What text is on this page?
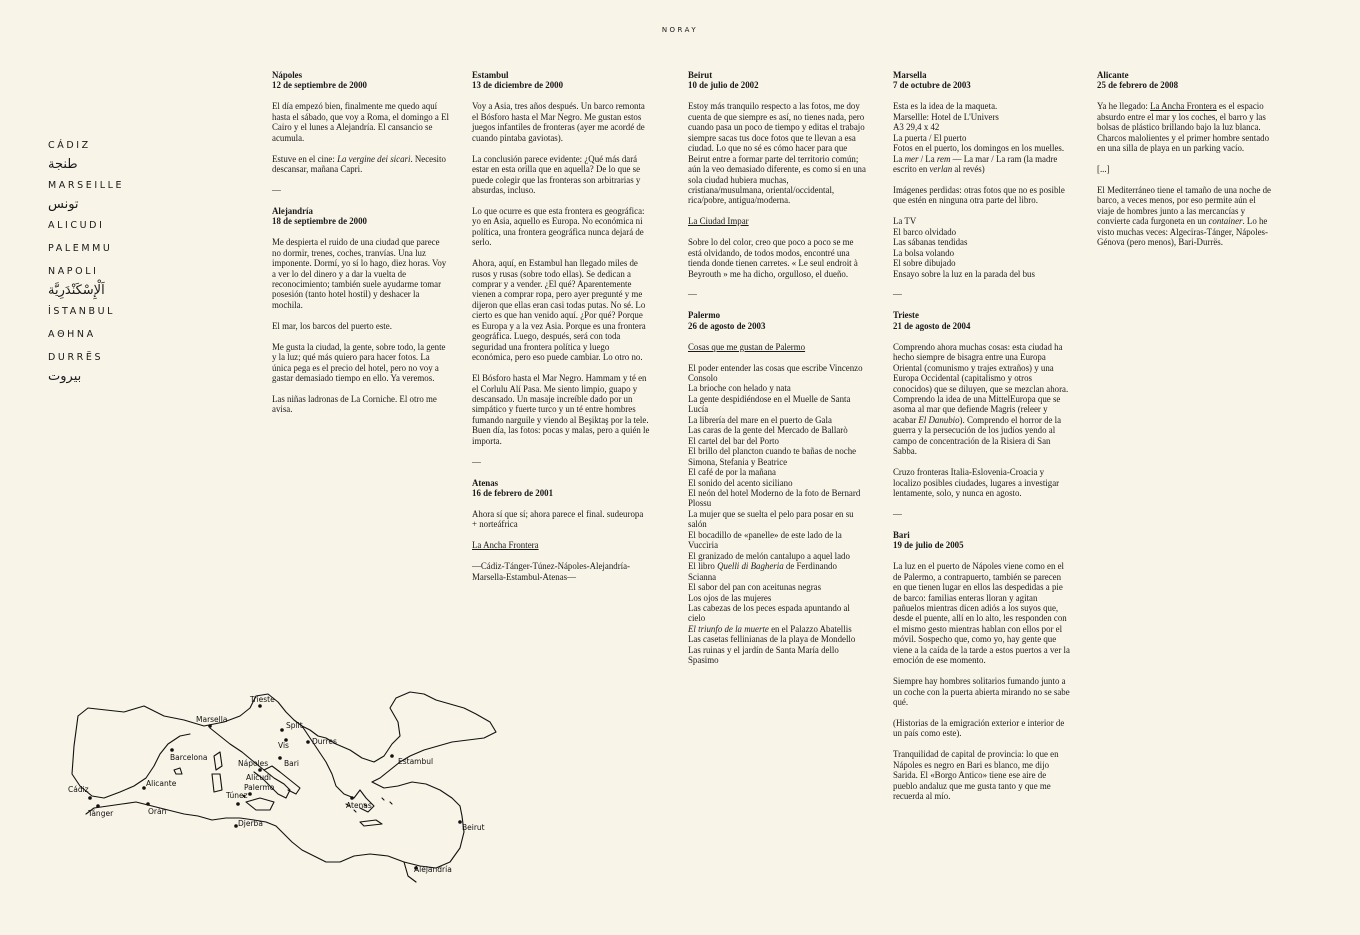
NORAY
CÁDIZ
طنجة
MARSEILLE
تونس
ALICUDI
PALEMMU
NAPOLI
اَلْإِسْكَنْدَرِيَّة
İSTANBUL
ΑΘΗΝΑ
DURRËS
بيروت
Nápoles

12 de septiembre de 2000

El día empezó bien, finalmente me quedo aquí hasta el sábado, que voy a Roma, el domingo a El Cairo y el lunes a Alejandría. El cansancio se acumula.

Estuve en el cine: La vergine dei sicari. Necesito descansar, mañana Capri.

—

Alejandría

18 de septiembre de 2000

Me despierta el ruido de una ciudad que parece no dormir, trenes, coches, tranvías. Una luz imponente. Dormí, yo sí lo hago, diez horas. Voy a ver lo del dinero y a dar la vuelta de reconocimiento; también suele ayudarme tomar posesión (tanto hotel hostil) y deshacer la mochila.

El mar, los barcos del puerto este.

Me gusta la ciudad, la gente, sobre todo, la gente y la luz; qué más quiero para hacer fotos. La única pega es el precio del hotel, pero no voy a gastar demasiado tiempo en ello. Ya veremos.

Las niñas ladronas de La Corniche. El otro me avisa.

Estambul

13 de diciembre de 2000

Voy a Asia, tres años después. Un barco remonta el Bósforo hasta el Mar Negro. Me gustan estos juegos infantiles de fronteras (ayer me acordé de cuando pintaba gaviotas).

La conclusión parece evidente: ¿Qué más dará estar en esta orilla que en aquella? De lo que se puede colegir que las fronteras son arbitrarias y absurdas, incluso.

Lo que ocurre es que esta frontera es geográfica: yo en Asia, aquello es Europa. No económica ni política, una frontera geográfica nunca dejará de serlo.

Ahora, aquí, en Estambul han llegado miles de rusos y rusas (sobre todo ellas). Se dedican a comprar y a vender. ¿El qué? Aparentemente vienen a comprar ropa, pero ayer pregunté y me dijeron que ellas eran casi todas putas. No sé. Lo cierto es que han venido aquí. ¿Por qué? Porque es Europa y a la vez Asia. Porque es una frontera geográfica. Luego, después, será con toda seguridad una frontera política y luego económica, pero eso puede cambiar. Lo otro no.

El Bósforo hasta el Mar Negro. Hammam y té en el Corlulu Alí Pasa. Me siento limpio, guapo y descansado. Un masaje increíble dado por un simpático y fuerte turco y un té entre hombres fumando narguile y viendo al Beşiktaş por la tele. Buen día, las fotos: pocas y malas, pero a quién le importa.

—

Atenas

16 de febrero de 2001

Ahora sí que sí; ahora parece el final. sudeuropa + norteáfrica

La Ancha Frontera

—Cádiz-Tánger-Túnez-Nápoles-Alejandría-Marsella-Estambul-Atenas—

Beirut

10 de julio de 2002

Estoy más tranquilo respecto a las fotos, me doy cuenta de que siempre es así, no tienes nada, pero cuando pasa un poco de tiempo y editas el trabajo siempre sacas tus doce fotos que te llevan a esa ciudad. Lo que no sé es cómo hacer para que Beirut entre a formar parte del territorio común; aún la veo demasiado diferente, es como si en una sola ciudad hubiera muchas, cristiana/musulmana, oriental/occidental, rica/pobre, antigua/moderna.

La Ciudad Impar

Sobre lo del color, creo que poco a poco se me está olvidando, de todos modos, encontré una tienda donde tienen carretes. « Le seul endroit à Beyrouth » me ha dicho, orgulloso, el dueño.

—

Palermo

26 de agosto de 2003

Cosas que me gustan de Palermo

El poder entender las cosas que escribe Vincenzo Consolo
La brioche con helado y nata
La gente despidiéndose en el Muelle de Santa Lucía
La librería del mare en el puerto de Gala
Las caras de la gente del Mercado de Ballarò
El cartel del bar del Porto
El brillo del plancton cuando te bañas de noche
Simona, Stefania y Beatrice
El café de por la mañana
El sonido del acento siciliano
El neón del hotel Moderno de la foto de Bernard Plossu
La mujer que se suelta el pelo para posar en su salón
El bocadillo de «panelle» de este lado de la Vuccìria
El granizado de melón cantalupo a aquel lado
El libro Quelli di Bagheria de Ferdinando Scianna
El sabor del pan con aceitunas negras
Los ojos de las mujeres
Las cabezas de los peces espada apuntando al cielo
El triunfo de la muerte en el Palazzo Abatellis
Las casetas fellinianas de la playa de Mondello
Las ruinas y el jardín de Santa María dello Spasimo

Marsella

7 de octubre de 2003

Esta es la idea de la maqueta.
Marsellle: Hotel de L'Univers
A3 29,4 x 42
La puerta / El puerto
Fotos en el puerto, los domingos en los muelles.
La mer / La rem — La mar / La ram (la madre escrito en verlan al revés)

Imágenes perdidas: otras fotos que no es posible que estén en ninguna otra parte del libro.

La TV
El barco olvidado
Las sábanas tendidas
La bolsa volando
El sobre dibujado
Ensayo sobre la luz en la parada del bus

—

Trieste

21 de agosto de 2004

Comprendo ahora muchas cosas: esta ciudad ha hecho siempre de bisagra entre una Europa Oriental (comunismo y trajes extraños) y una Europa Occidental (capitalismo y otros conocidos) que se diluyen, que se mezclan ahora. Comprendo la idea de una MittelEuropa que se asoma al mar que defiende Magris (releer y acabar El Danubio). Comprendo el horror de la guerra y la persecución de los judíos yendo al campo de concentración de la Risiera di San Sabba.

Cruzo fronteras Italia-Eslovenia-Croacia y localizo posibles ciudades, lugares a investigar lentamente, solo, y nunca en agosto.

—

Bari

19 de julio de 2005

La luz en el puerto de Nápoles viene como en el de Palermo, a contrapuerto, también se parecen en que tienen lugar en ellos las despedidas a pie de barco: familias enteras lloran y agitan pañuelos mientras dicen adiós a los suyos que, desde el puente, allí en lo alto, les responden con el mismo gesto mientras hablan con ellos por el móvil. Sospecho que, como yo, hay gente que viene a la caída de la tarde a estos puertos a ver la emoción de ese momento.

Siempre hay hombres solitarios fumando junto a un coche con la puerta abierta mirando no se sabe qué.

(Historias de la emigración exterior e interior de un país como este).

Tranquilidad de capital de provincia: lo que en Nápoles es negro en Bari es blanco, me dijo Sarida. El «Borgo Antico» tiene ese aire de pueblo andaluz que me gusta tanto y que me recuerda al mío.

Alicante

25 de febrero de 2008

Ya he llegado: La Ancha Frontera es el espacio absurdo entre el mar y los coches, el barro y las bolsas de plástico brillando bajo la luz blanca. Charcos malolientes y el primer hombre sentado en una silla de playa en un parking vacío.

[...]

El Mediterráneo tiene el tamaño de una noche de barco, a veces menos, por eso permite aún el viaje de hombres junto a las mercancías y convierte cada furgoneta en un container. Lo he visto muchas veces: Algeciras-Tánger, Nápoles-Génova (pero menos), Bari-Durrës.

Trieste
Marsella
Split
Vis	Durres
Barcelona
Nápoles Bari	Estambul
Alicante
Alicudi
Palermo
Atenas
Cádiz
Tánger	Orán
Túnez
Djerba	Beirut
Alejandría
